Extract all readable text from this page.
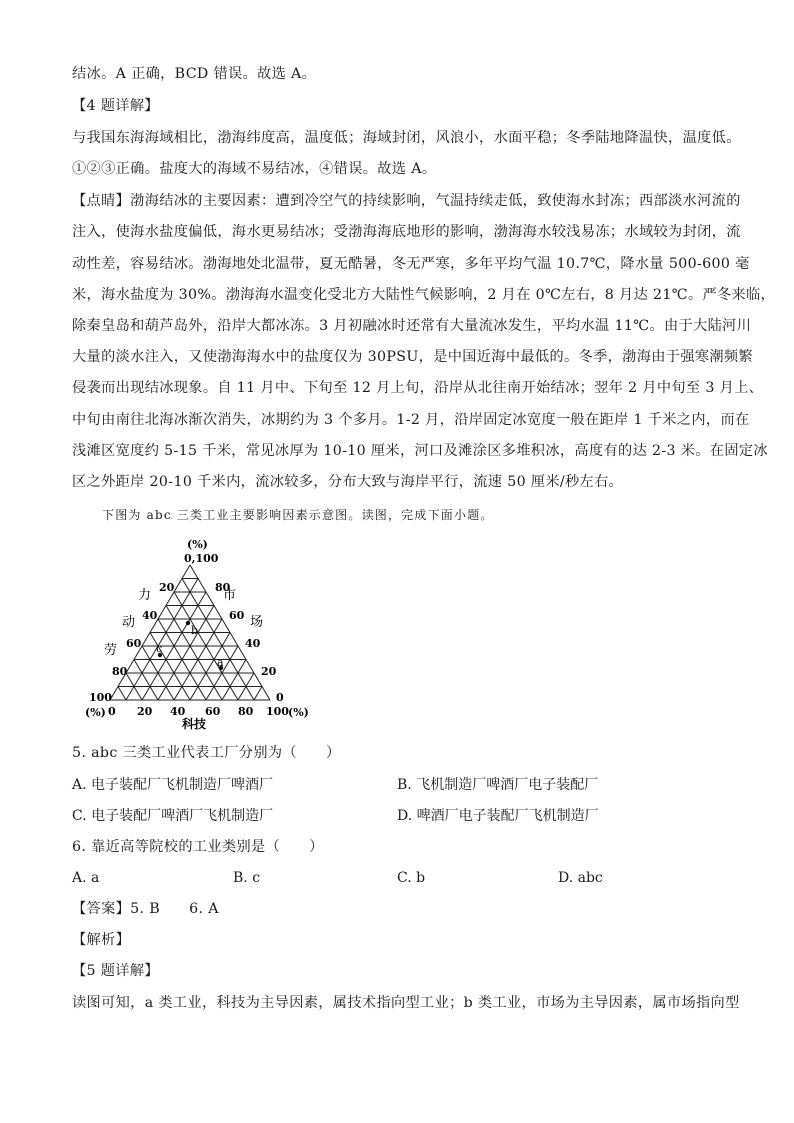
结冰。A 正确，BCD 错误。故选 A。
【4 题详解】
与我国东海海域相比，渤海纬度高，温度低；海域封闭，风浪小，水面平稳；冬季陆地降温快，温度低。
①②③正确。盐度大的海域不易结冰，④错误。故选 A。
【点睛】渤海结冰的主要因素：遭到冷空气的持续影响，气温持续走低，致使海水封冻；西部淡水河流的
注入，使海水盐度偏低，海水更易结冰；受渤海海底地形的影响，渤海海水较浅易冻；水域较为封闭，流
动性差，容易结冰。渤海地处北温带，夏无酷暑，冬无严寒，多年平均气温 10.7℃，降水量 500-600 毫
米，海水盐度为 30%。渤海海水温变化受北方大陆性气候影响，2 月在 0℃左右，8 月达 21℃。严冬来临，
除秦皇岛和葫芦岛外，沿岸大都冰冻。3 月初融冰时还常有大量流冰发生，平均水温 11℃。由于大陆河川
大量的淡水注入，又使渤海海水中的盐度仅为 30PSU，是中国近海中最低的。冬季，渤海由于强寒潮频繁
侵袭而出现结冰现象。自 11 月中、下旬至 12 月上旬，沿岸从北往南开始结冰；翌年 2 月中旬至 3 月上、
中旬由南往北海冰渐次消失，冰期约为 3 个多月。1-2 月，沿岸固定冰宽度一般在距岸 1 千米之内，而在
浅滩区宽度约 5-15 千米，常见冰厚为 10-10 厘米，河口及滩涂区多堆积冰，高度有的达 2-3 米。在固定冰
区之外距岸 20-10 千米内，流冰较多，分布大致与海岸平行，流速 50 厘米/秒左右。
下图为 abc 三类工业主要影响因素示意图。读图，完成下面小题。
(%)
(%)	(%)
0,100
20
40
60
80
100
80
60
40
20
0
0 20 40 60 80 100
力
动
劳
市
场
科技
b
c
a
5. abc 三类工业代表工厂分别为（　　）
A. 电子装配厂飞机制造厂啤酒厂	B. 飞机制造厂啤酒厂电子装配厂
C. 电子装配厂啤酒厂飞机制造厂	D. 啤酒厂电子装配厂飞机制造厂
6. 靠近高等院校的工业类别是（　　）
A. a	B. c	C. b	D. abc
【答案】5. B　　6. A
【解析】
【5 题详解】
读图可知，a 类工业，科技为主导因素，属技术指向型工业；b 类工业，市场为主导因素，属市场指向型
